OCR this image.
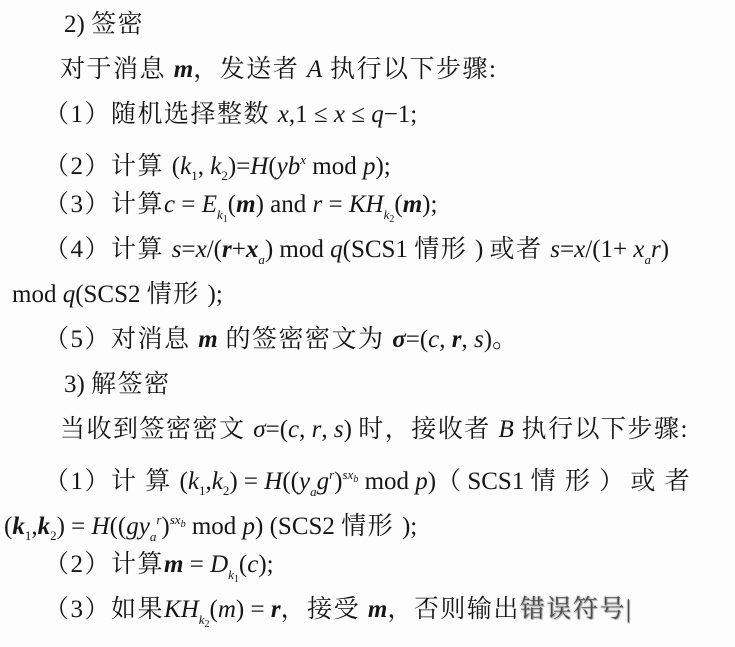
2) 签密
对于消息 m，发送者 A 执行以下步骤:
（1）随机选择整数 x,1 ≤ x ≤ q−1;
（2）计算 ($k_1$, $k_2)=H(yb^x$ mod p);
（3）计算$c = E_{k1}(m)$ and $r = KH_{k2}(m)$;
（4）计算 $s=x/(r+x_a)$ mod q(SCS1 情形 ) 或者 $s=x/(1+ x_ar)$
mod q(SCS2 情形 );
（5）对消息 m 的签密密文为 σ=(c, r, s)。
3) 解签密
当收到签密密文 σ=(c, r, s) 时，接收者 B 执行以下步骤:
（1）计 算 $(k_1,k_2) = H((y_ag^r)^{sxb}$ mod p)（ SCS1 情 形 ） 或 者
$(k_1,k_2) = H((gy_a^r)^{sxb}$ mod p) (SCS2 情形 );
（2）计算$m = D_{k1}(c)$;
（3）如果$KH_{k2}(m) = r$，接受 m，否则输出错误符号|
